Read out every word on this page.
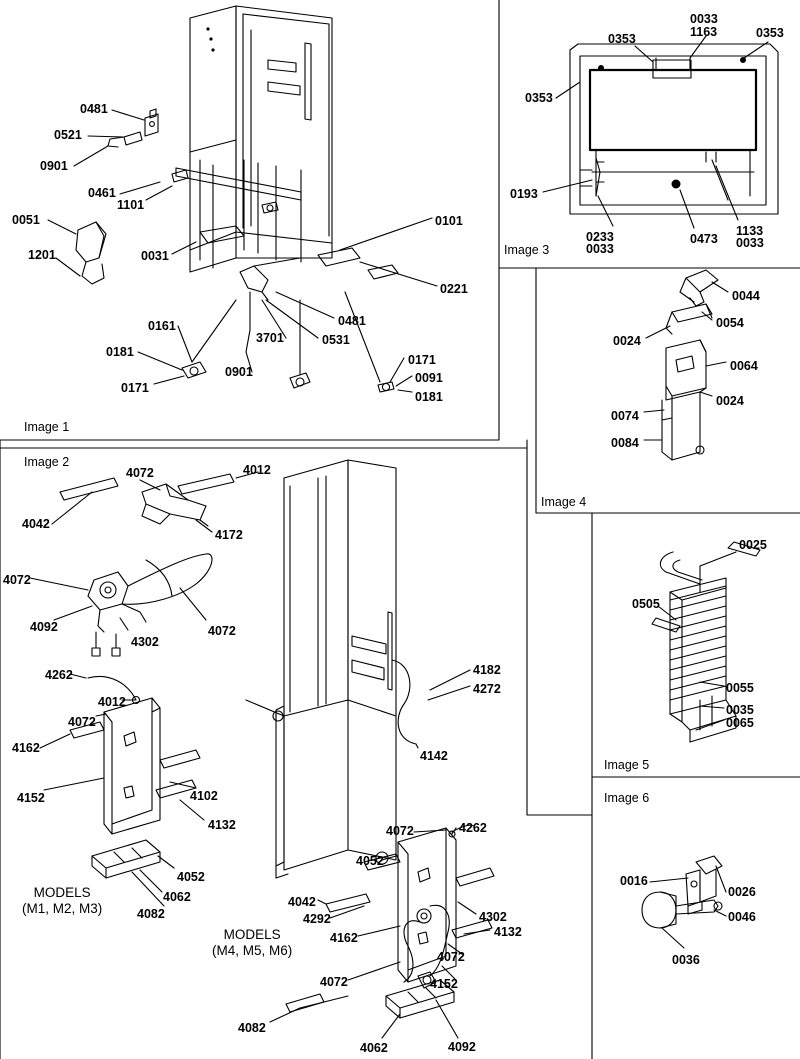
0481
0521
0901
0461
1101
0051
1201	0031
0101
0221
0481
0531
0161
3701
0181
0901
0171
0171
0091
0181
0033
1163
0353	0353
0353
0193
0233
0033
0473
1133
0033
0044
0054
0024
0064
0024
0074
0084
0025
0505
0055
0035
0065
0016
0026
0046
0036
4072	4012
4042
4172
4072
4092
4302
4072
4262
4012
4072
4162
4152	4102
4132
4052
4062
4082
4182
4272
4142
4072	4262
4052
4042
4292
4162
4302
4132
4072
4072	4152
4082
4062	4092
Image 1
Image 2
Image 3
Image 4
Image 5
Image 6
MODELS
(M1, M2, M3)
MODELS
(M4, M5, M6)
